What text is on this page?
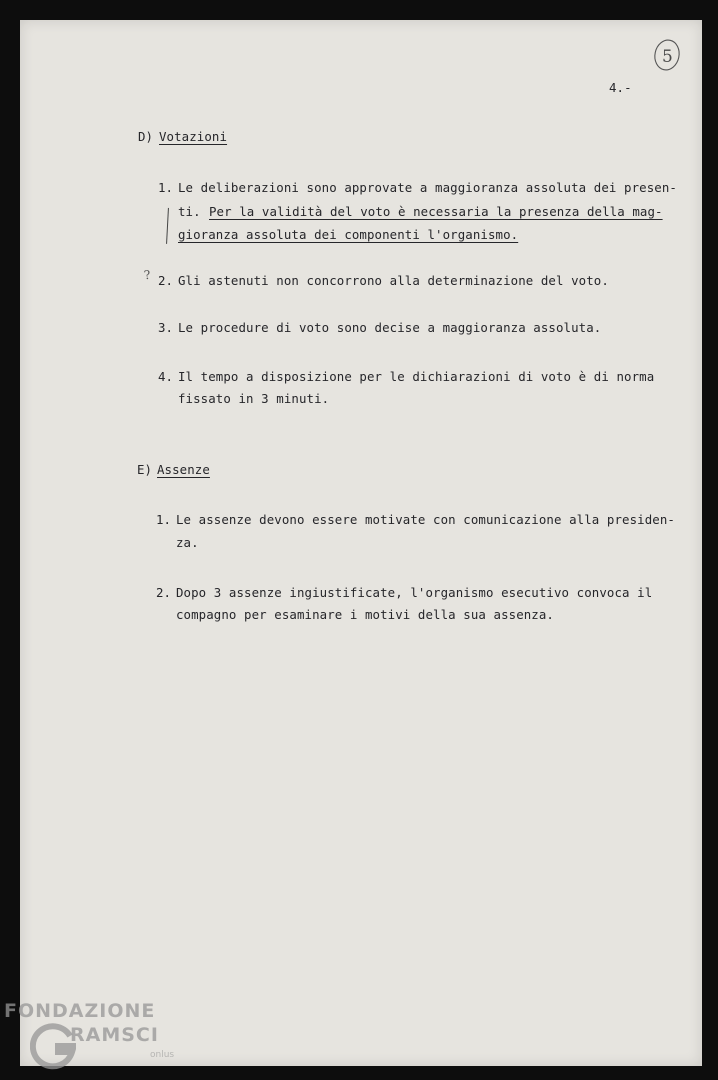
5
4.-
D) Votazioni
1. Le deliberazioni sono approvate a maggioranza assoluta dei presen-
ti. Per la validità del voto è necessaria la presenza della mag-
gioranza assoluta dei componenti l'organismo.
? 2. Gli astenuti non concorrono alla determinazione del voto.
3. Le procedure di voto sono decise a maggioranza assoluta.
4. Il tempo a disposizione per le dichiarazioni di voto è di norma
fissato in 3 minuti.
E) Assenze
1. Le assenze devono essere motivate con comunicazione alla presiden-
za.
2. Dopo 3 assenze ingiustificate, l'organismo esecutivo convoca il
compagno per esaminare i motivi della sua assenza.
FONDAZIONE
RAMSCI
onlus
